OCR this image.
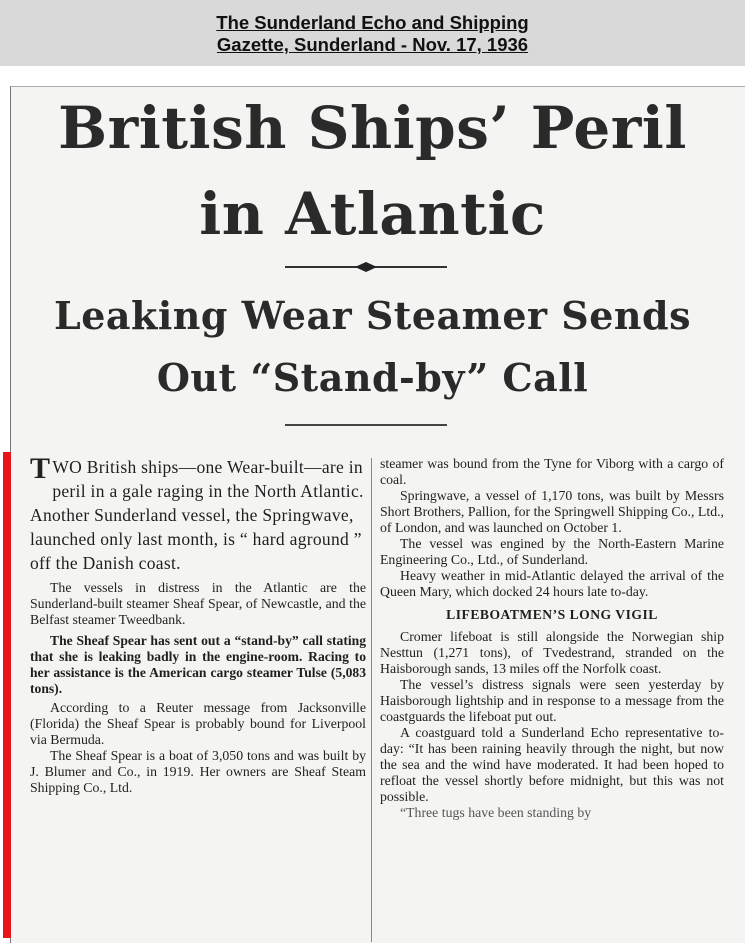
The Sunderland Echo and Shipping
Gazette, Sunderland - Nov. 17, 1936
British Ships’ Peril
in Atlantic
Leaking Wear Steamer Sends
Out “Stand-by” Call

TWO British ships—one Wear-built—are in peril in a gale raging in the North Atlantic. Another Sunderland vessel, the Springwave, launched only last month, is “ hard aground ” off the Danish coast.

The vessels in distress in the Atlantic are the Sunderland-built steamer Sheaf Spear, of Newcastle, and the Belfast steamer Tweedbank.

The Sheaf Spear has sent out a “stand-by” call stating that she is leaking badly in the engine-room. Racing to her assistance is the American cargo steamer Tulse (5,083 tons).

According to a Reuter message from Jacksonville (Florida) the Sheaf Spear is probably bound for Liverpool via Bermuda.

The Sheaf Spear is a boat of 3,050 tons and was built by J. Blumer and Co., in 1919. Her owners are Sheaf Steam Shipping Co., Ltd.

steamer was bound from the Tyne for Viborg with a cargo of coal.

Springwave, a vessel of 1,170 tons, was built by Messrs Short Brothers, Pallion, for the Springwell Shipping Co., Ltd., of London, and was launched on October 1.

The vessel was engined by the North-Eastern Marine Engineering Co., Ltd., of Sunderland.

Heavy weather in mid-Atlantic delayed the arrival of the Queen Mary, which docked 24 hours late to-day.

LIFEBOATMEN’S LONG VIGIL

Cromer lifeboat is still alongside the Norwegian ship Nesttun (1,271 tons), of Tvedestrand, stranded on the Haisborough sands, 13 miles off the Norfolk coast.

The vessel’s distress signals were seen yesterday by Haisborough lightship and in response to a message from the coastguards the lifeboat put out.

A coastguard told a Sunderland Echo representative to-day: “It has been raining heavily through the night, but now the sea and the wind have moderated. It had been hoped to refloat the vessel shortly before midnight, but this was not possible.

“Three tugs have been standing by
